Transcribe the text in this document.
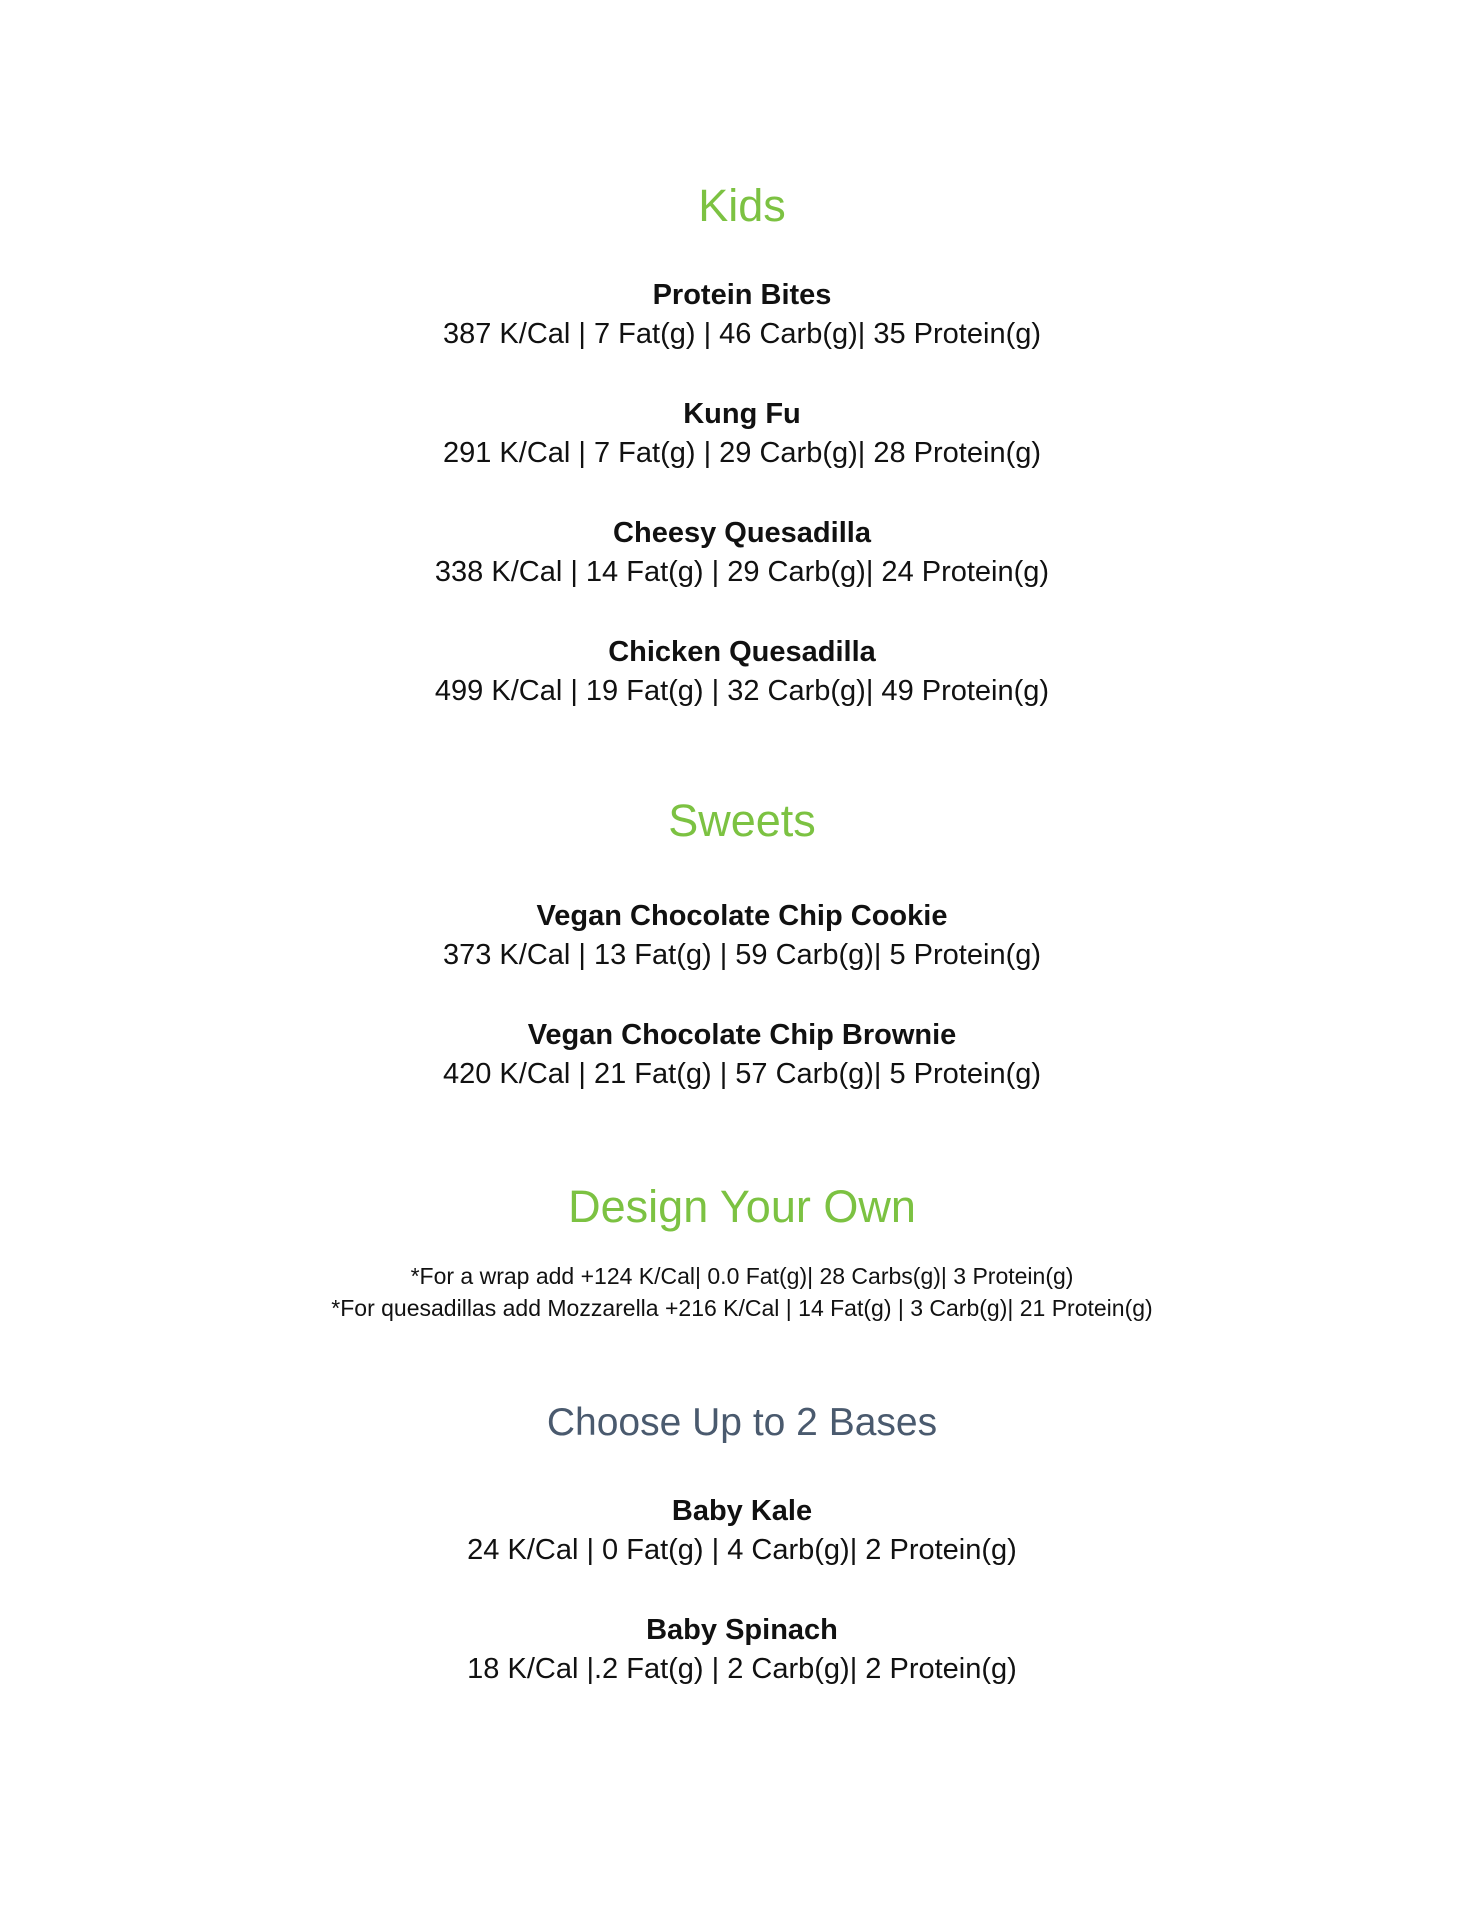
Kids
Protein Bites
387 K/Cal | 7 Fat(g) | 46 Carb(g)| 35 Protein(g)
Kung Fu
291 K/Cal | 7 Fat(g) | 29 Carb(g)| 28 Protein(g)
Cheesy Quesadilla
338 K/Cal | 14 Fat(g) | 29 Carb(g)| 24 Protein(g)
Chicken Quesadilla
499 K/Cal | 19 Fat(g) | 32 Carb(g)| 49 Protein(g)
Sweets
Vegan Chocolate Chip Cookie
373 K/Cal | 13 Fat(g) | 59 Carb(g)| 5 Protein(g)
Vegan Chocolate Chip Brownie
420 K/Cal | 21 Fat(g) | 57 Carb(g)| 5 Protein(g)
Design Your Own
*For a wrap add +124 K/Cal| 0.0 Fat(g)| 28 Carbs(g)| 3 Protein(g)
*For quesadillas add Mozzarella +216 K/Cal | 14 Fat(g) | 3 Carb(g)| 21 Protein(g)
Choose Up to 2 Bases
Baby Kale
24 K/Cal | 0 Fat(g) | 4 Carb(g)| 2 Protein(g)
Baby Spinach
18 K/Cal |.2 Fat(g) | 2 Carb(g)| 2 Protein(g)
